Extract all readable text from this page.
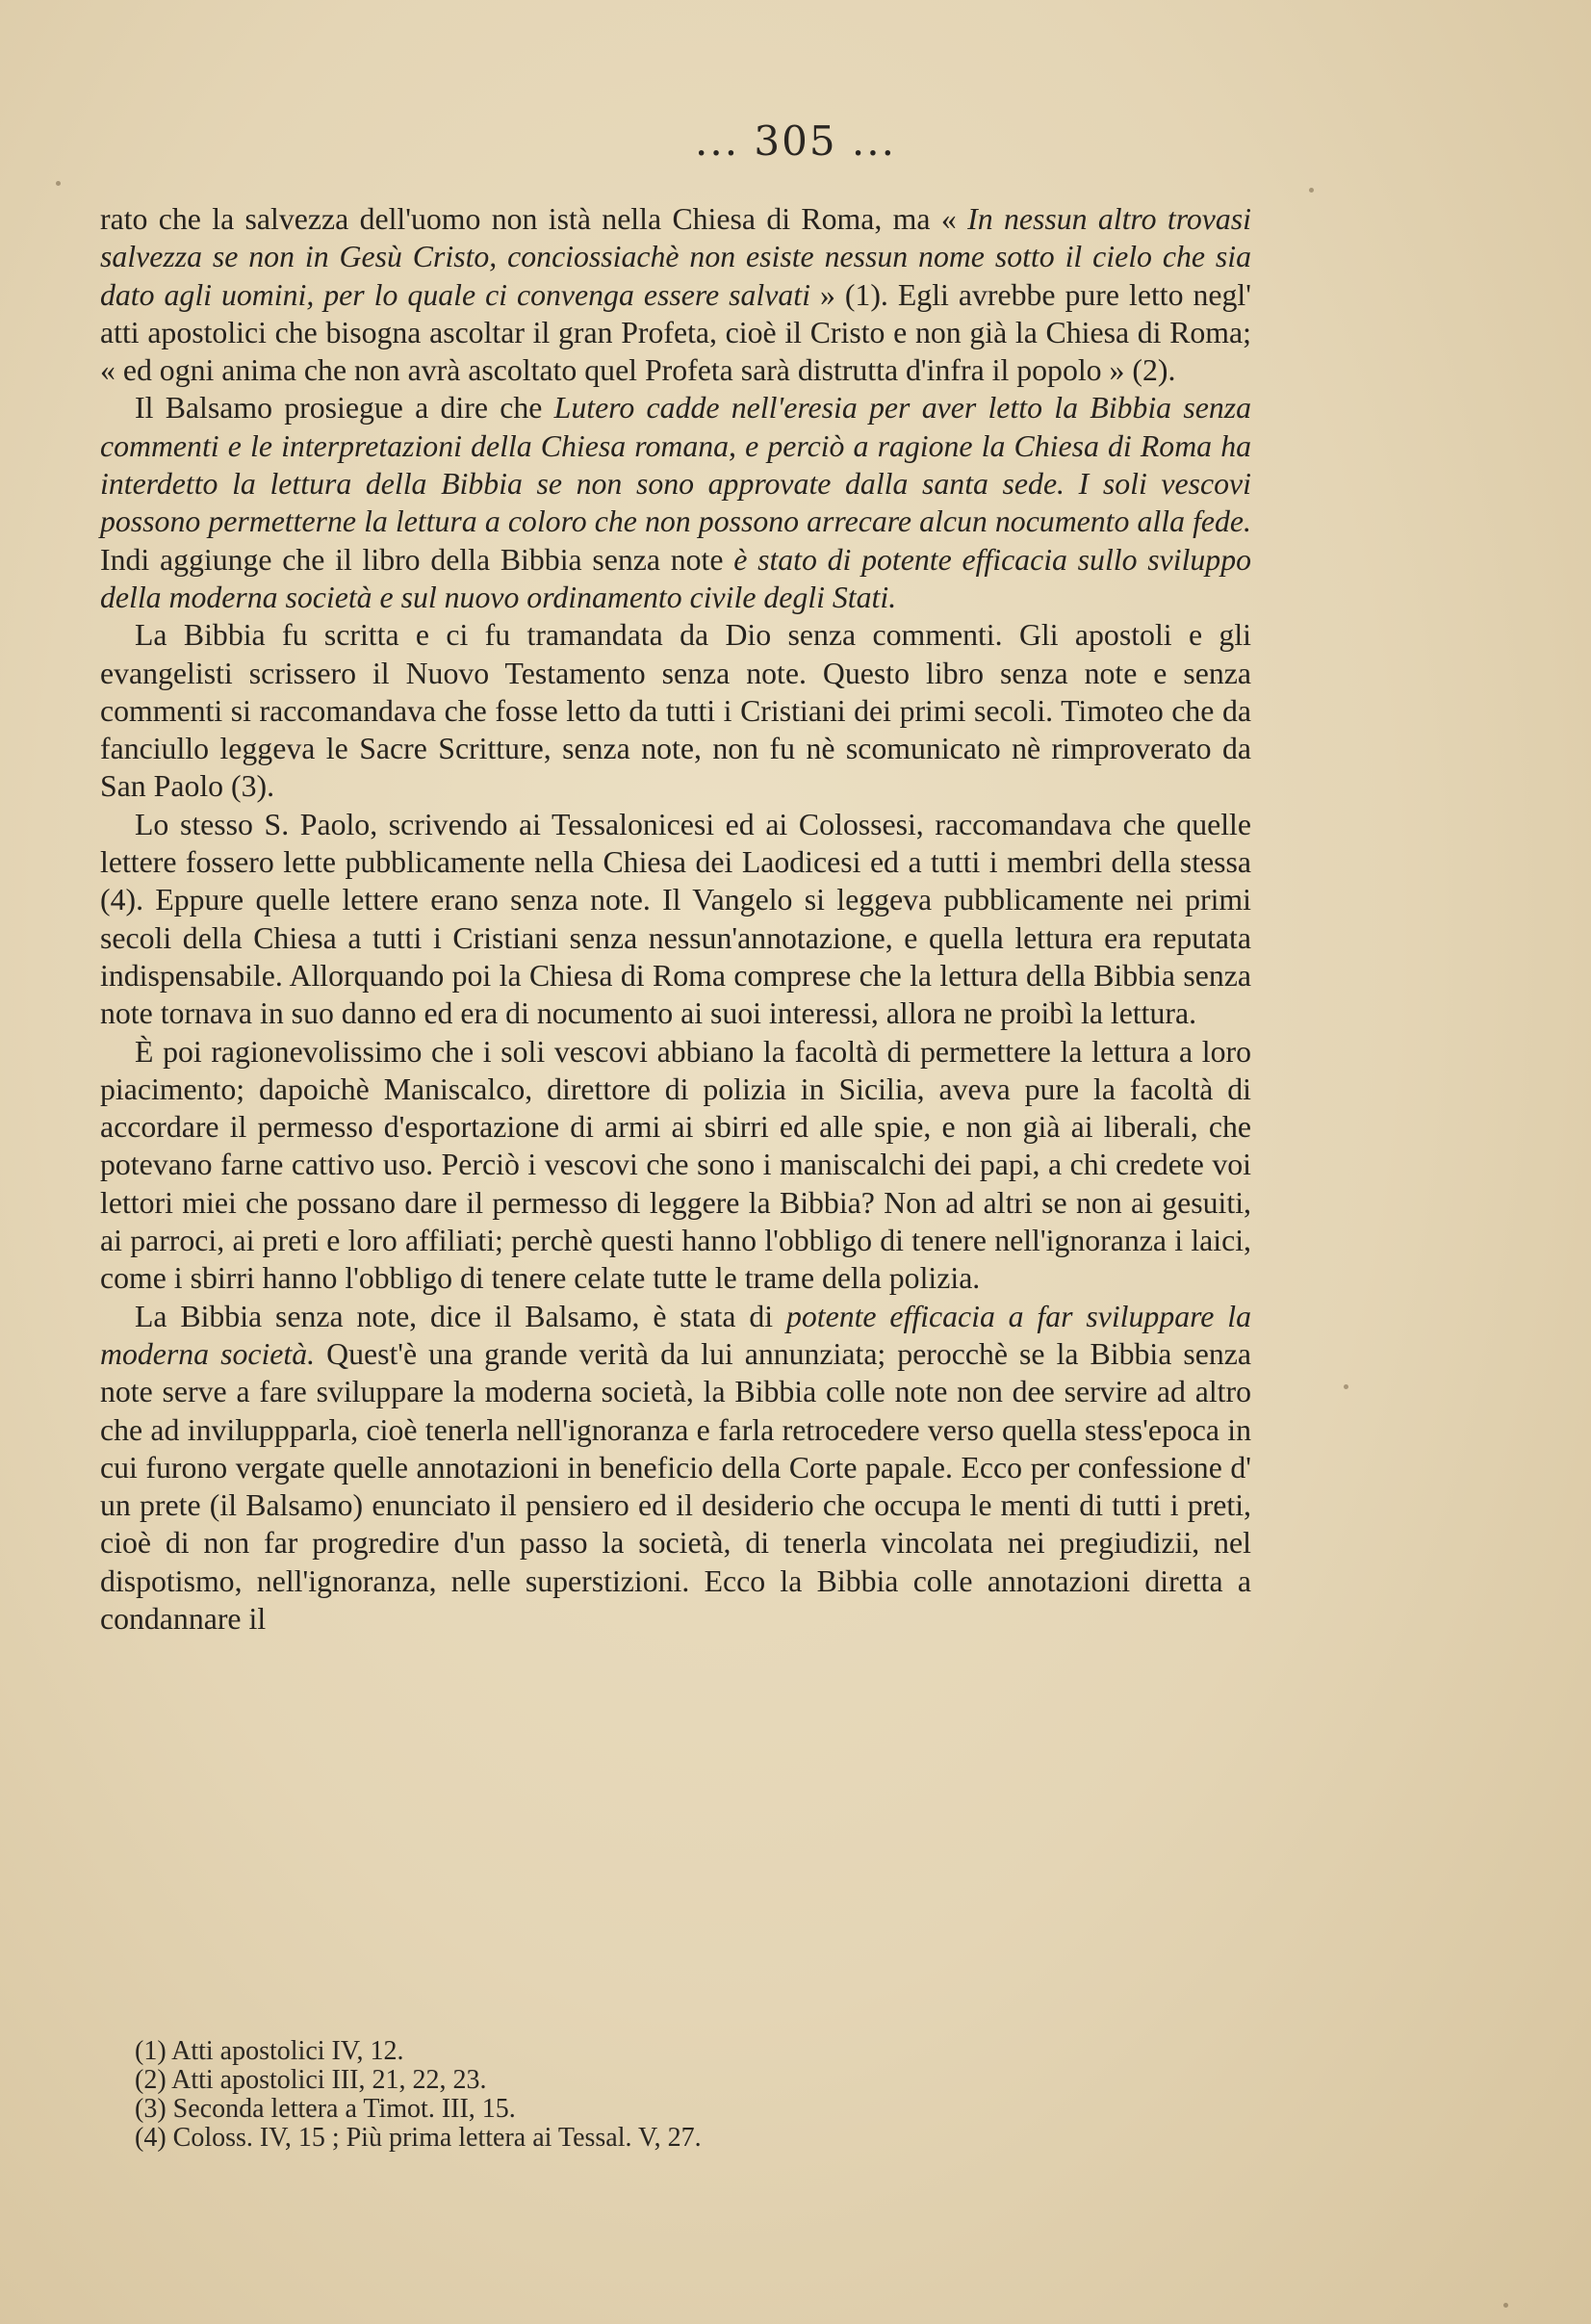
... 305 ...

rato che la salvezza dell'uomo non istà nella Chiesa di Roma, ma « In nessun altro trovasi salvezza se non in Gesù Cristo, conciossiachè non esiste nessun nome sotto il cielo che sia dato agli uomini, per lo quale ci convenga essere salvati » (1). Egli avrebbe pure letto negl' atti apostolici che bisogna ascoltar il gran Profeta, cioè il Cristo e non già la Chiesa di Roma; « ed ogni anima che non avrà ascoltato quel Profeta sarà distrutta d'infra il popolo » (2).

Il Balsamo prosiegue a dire che Lutero cadde nell'eresia per aver letto la Bibbia senza commenti e le interpretazioni della Chiesa romana, e perciò a ragione la Chiesa di Roma ha interdetto la lettura della Bibbia se non sono approvate dalla santa sede. I soli vescovi possono permetterne la lettura a coloro che non possono arrecare alcun nocumento alla fede. Indi aggiunge che il libro della Bibbia senza note è stato di potente efficacia sullo sviluppo della moderna società e sul nuovo ordinamento civile degli Stati.

La Bibbia fu scritta e ci fu tramandata da Dio senza commenti. Gli apostoli e gli evangelisti scrissero il Nuovo Testamento senza note. Questo libro senza note e senza commenti si raccomandava che fosse letto da tutti i Cristiani dei primi secoli. Timoteo che da fanciullo leggeva le Sacre Scritture, senza note, non fu nè scomunicato nè rimproverato da San Paolo (3).

Lo stesso S. Paolo, scrivendo ai Tessalonicesi ed ai Colossesi, raccomandava che quelle lettere fossero lette pubblicamente nella Chiesa dei Laodicesi ed a tutti i membri della stessa (4). Eppure quelle lettere erano senza note. Il Vangelo si leggeva pubblicamente nei primi secoli della Chiesa a tutti i Cristiani senza nessun'annotazione, e quella lettura era reputata indispensabile. Allorquando poi la Chiesa di Roma comprese che la lettura della Bibbia senza note tornava in suo danno ed era di nocumento ai suoi interessi, allora ne proibì la lettura.

È poi ragionevolissimo che i soli vescovi abbiano la facoltà di permettere la lettura a loro piacimento; dapoichè Maniscalco, direttore di polizia in Sicilia, aveva pure la facoltà di accordare il permesso d'esportazione di armi ai sbirri ed alle spie, e non già ai liberali, che potevano farne cattivo uso. Perciò i vescovi che sono i maniscalchi dei papi, a chi credete voi lettori miei che possano dare il permesso di leggere la Bibbia? Non ad altri se non ai gesuiti, ai parroci, ai preti e loro affiliati; perchè questi hanno l'obbligo di tenere nell'ignoranza i laici, come i sbirri hanno l'obbligo di tenere celate tutte le trame della polizia.

La Bibbia senza note, dice il Balsamo, è stata di potente efficacia a far sviluppare la moderna società. Quest'è una grande verità da lui annunziata; perocchè se la Bibbia senza note serve a fare sviluppare la moderna società, la Bibbia colle note non dee servire ad altro che ad inviluppparla, cioè tenerla nell'ignoranza e farla retrocedere verso quella stess'epoca in cui furono vergate quelle annotazioni in beneficio della Corte papale. Ecco per confessione d' un prete (il Balsamo) enunciato il pensiero ed il desiderio che occupa le menti di tutti i preti, cioè di non far progredire d'un passo la società, di tenerla vincolata nei pregiudizii, nel dispotismo, nell'ignoranza, nelle superstizioni. Ecco la Bibbia colle annotazioni diretta a condannare il

(1) Atti apostolici IV, 12.
(2) Atti apostolici III, 21, 22, 23.
(3) Seconda lettera a Timot. III, 15.
(4) Coloss. IV, 15 ; Più prima lettera ai Tessal. V, 27.
